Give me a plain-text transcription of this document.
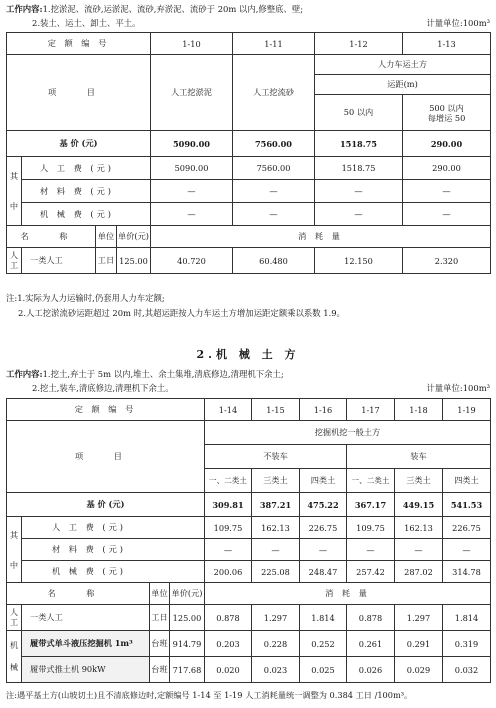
工作内容:1.挖淤泥、流砂,运淤泥、流砂,弃淤泥、流砂于 20m 以内,修整底、壁;
2.装土、运土、卸土、平土。	计量单位:100m³
定 额 编 号				1-10	1-11	1-12	1-13
项 目				人工挖淤泥	人工挖流砂	人力车运土方	
						运距(m)	
						50 以内	500 以内
每增运 50

基 价 (元)				5090.00	7560.00	1518.75	290.00

其
中	人 工 费 (元)			5090.00	7560.00	1518.75	290.00
	材 料 费 (元)			—	—	—	—
	机 械 费 (元)			—	—	—	—
名 称		单位	单价(元)	消 耗 量			
人工	一类人工	工日	125.00	40.720	60.480	12.150	2.320
注:1.实际为人力运输时,仍套用人力车定额;
2.人工挖淤流砂运距超过 20m 时,其超运距按人力车运土方增加运距定额乘以系数 1.9。
2.机 械 土 方
工作内容:1.挖土,弃土于 5m 以内,堆土、余土集堆,清底修边,清理机下余土;
2.挖土,装车,清底修边,清理机下余土。	计量单位:100m³
定 额 编 号				1-14	1-15	1-16	1-17	1-18	1-19
项 目				挖掘机挖一般土方					
				不装车			装车		
				一、二类土	三类土	四类土	一、二类土	三类土	四类土
基 价 (元)				309.81	387.21	475.22	367.17	449.15	541.53

其
中	人 工 费 (元)			109.75	162.13	226.75	109.75	162.13	226.75
	材 料 费 (元)			—	—	—	—	—	—
	机 械 费 (元)			200.06	225.08	248.47	257.42	287.02	314.78
名 称		单位	单价(元)	消 耗 量					
人工	一类人工	工日	125.00	0.878	1.297	1.814	0.878	1.297	1.814
机械	履带式单斗液压挖掘机 1m³	台班	914.79	0.203	0.228	0.252	0.261	0.291	0.319
	履带式推土机 90kW	台班	717.68	0.020	0.023	0.025	0.026	0.029	0.032
注:遇平基土方(山坡切土)且不清底修边时,定额编号 1-14 至 1-19 人工消耗量统一调整为 0.384 工日 /100m³。
